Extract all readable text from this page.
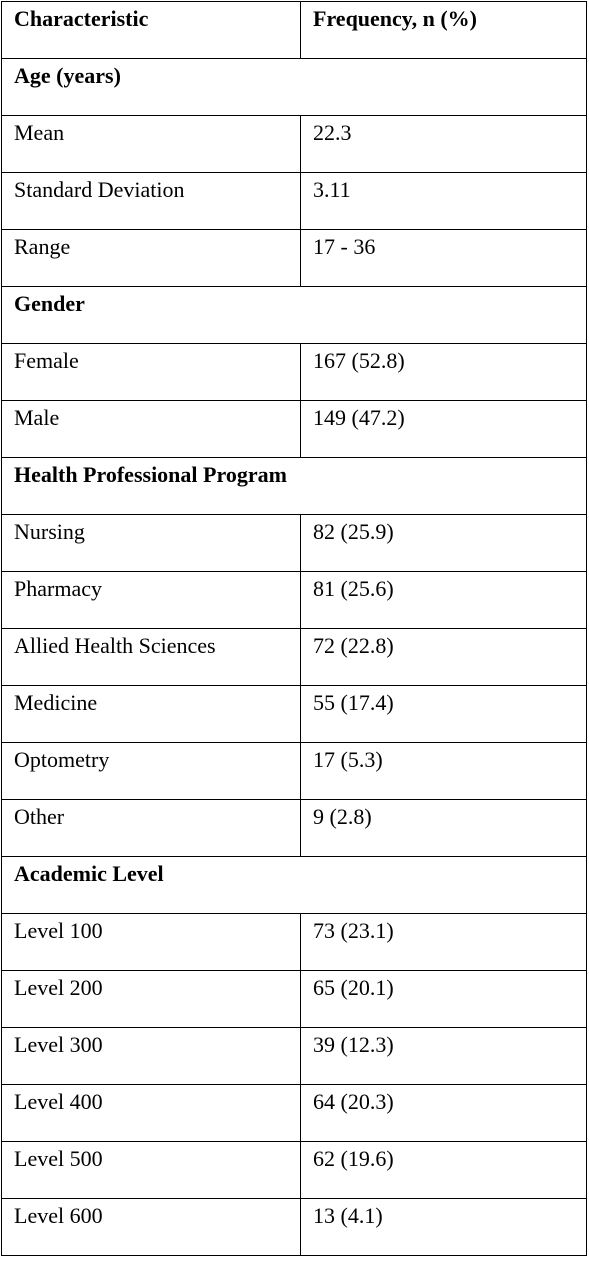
Characteristic	Frequency, n (%)
Age (years)	
Mean	22.3
Standard Deviation	3.11
Range	17 - 36
Gender	
Female	167 (52.8)
Male	149 (47.2)
Health Professional Program	
Nursing	82 (25.9)
Pharmacy	81 (25.6)
Allied Health Sciences	72 (22.8)
Medicine	55 (17.4)
Optometry	17 (5.3)
Other	9 (2.8)
Academic Level	
Level 100	73 (23.1)
Level 200	65 (20.1)
Level 300	39 (12.3)
Level 400	64 (20.3)
Level 500	62 (19.6)
Level 600	13 (4.1)
